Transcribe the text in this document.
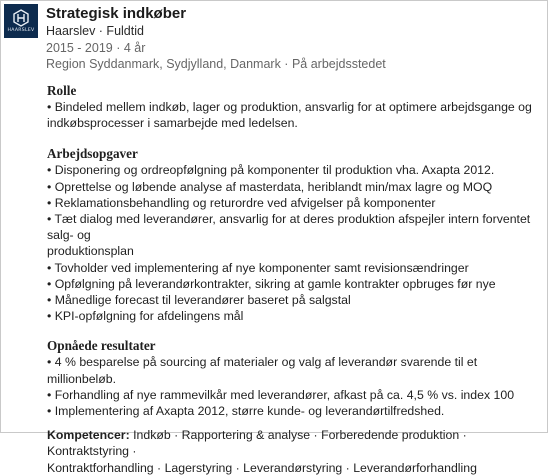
HAARSLEV
Strategisk indkøber
Haarslev · Fuldtid
2015 - 2019 · 4 år
Region Syddanmark, Sydjylland, Danmark · På arbejdsstedet
Rolle
• Bindeled mellem indkøb, lager og produktion, ansvarlig for at optimere arbejdsgange og
indkøbsprocesser i samarbejde med ledelsen.
Arbejdsopgaver
• Disponering og ordreopfølgning på komponenter til produktion vha. Axapta 2012.
• Oprettelse og løbende analyse af masterdata, heriblandt min/max lagre og MOQ
• Reklamationsbehandling og returordre ved afvigelser på komponenter
• Tæt dialog med leverandører, ansvarlig for at deres produktion afspejler intern forventet salg- og
produktionsplan
• Tovholder ved implementering af nye komponenter samt revisionsændringer
• Opfølgning på leverandørkontrakter, sikring at gamle kontrakter opbruges før nye
• Månedlige forecast til leverandører baseret på salgstal
• KPI-opfølgning for afdelingens mål
Opnåede resultater
• 4 % besparelse på sourcing af materialer og valg af leverandør svarende til et millionbeløb.
• Forhandling af nye rammevilkår med leverandører, afkast på ca. 4,5 % vs. index 100
• Implementering af Axapta 2012, større kunde- og leverandørtilfredshed.
Kompetencer: Indkøb · Rapportering & analyse · Forberedende produktion · Kontraktstyring ·
Kontraktforhandling · Lagerstyring · Leverandørstyring · Leverandørforhandling
